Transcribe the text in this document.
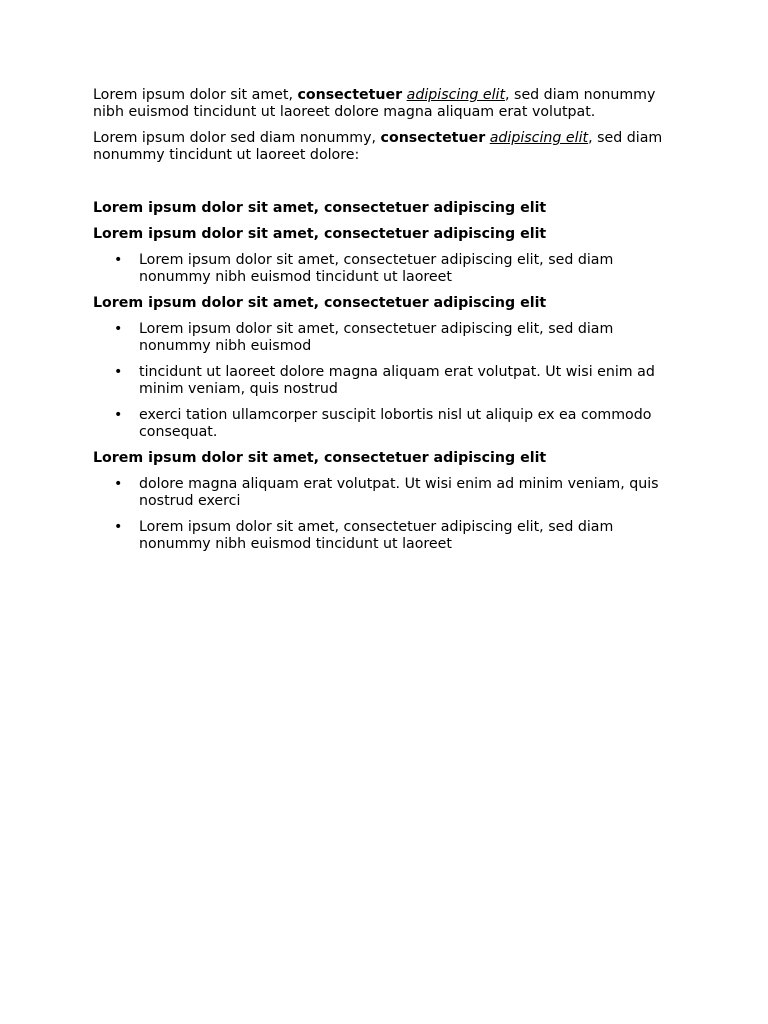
Lorem ipsum dolor sit amet, consectetuer adipiscing elit, sed diam nonummy nibh euismod tincidunt ut laoreet dolore magna aliquam erat volutpat.

Lorem ipsum dolor sed diam nonummy, consectetuer adipiscing elit, sed diam nonummy tincidunt ut laoreet dolore:

Lorem ipsum dolor sit amet, consectetuer adipiscing elit

Lorem ipsum dolor sit amet, consectetuer adipiscing elit

• Lorem ipsum dolor sit amet, consectetuer adipiscing elit, sed diam nonummy nibh euismod tincidunt ut laoreet

Lorem ipsum dolor sit amet, consectetuer adipiscing elit

• Lorem ipsum dolor sit amet, consectetuer adipiscing elit, sed diam nonummy nibh euismod
• tincidunt ut laoreet dolore magna aliquam erat volutpat. Ut wisi enim ad minim veniam, quis nostrud
• exerci tation ullamcorper suscipit lobortis nisl ut aliquip ex ea commodo consequat.

Lorem ipsum dolor sit amet, consectetuer adipiscing elit

• dolore magna aliquam erat volutpat. Ut wisi enim ad minim veniam, quis nostrud exerci
• Lorem ipsum dolor sit amet, consectetuer adipiscing elit, sed diam nonummy nibh euismod tincidunt ut laoreet
